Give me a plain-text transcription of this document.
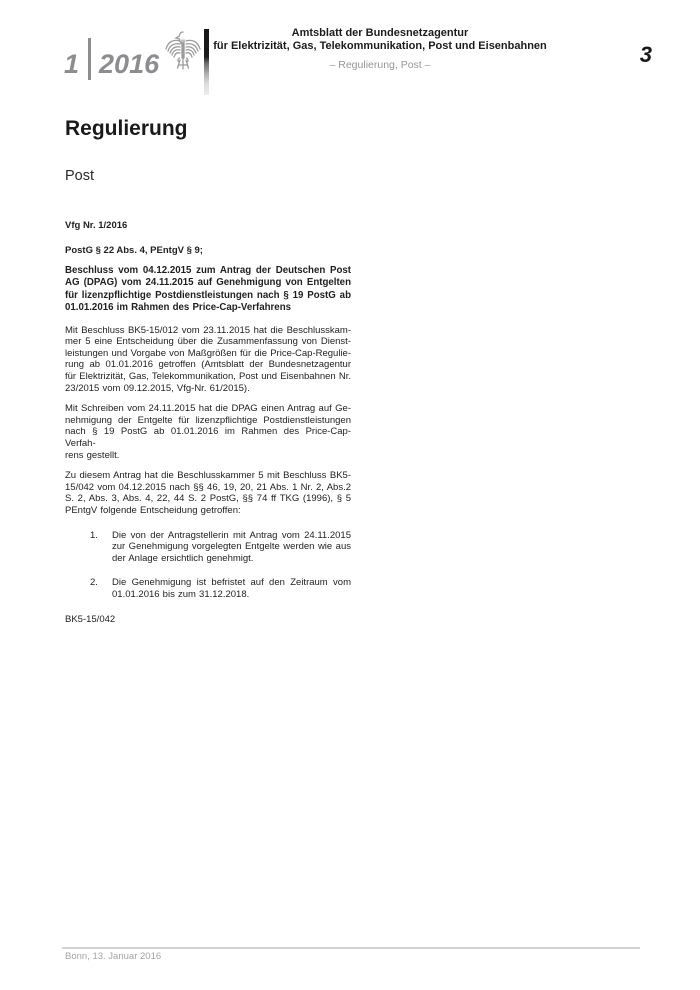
1 2016
Amtsblatt der Bundesnetzagentur
für Elektrizität, Gas, Telekommunikation, Post und Eisenbahnen
– Regulierung, Post –	3
Regulierung
Post
Vfg Nr. 1/2016
PostG § 22 Abs. 4, PEntgV § 9;
Beschluss vom 04.12.2015 zum Antrag der Deutschen Post
AG (DPAG) vom 24.11.2015 auf Genehmigung von Entgelten
für lizenzpflichtige Postdienstleistungen nach § 19 PostG ab
01.01.2016 im Rahmen des Price-Cap-Verfahrens
Mit Beschluss BK5-15/012 vom 23.11.2015 hat die Beschlusskam-
mer 5 eine Entscheidung über die Zusammenfassung von Dienst-
leistungen und Vorgabe von Maßgrößen für die Price-Cap-Regulie-
rung ab 01.01.2016 getroffen (Amtsblatt der Bundesnetzagentur
für Elektrizität, Gas, Telekommunikation, Post und Eisenbahnen Nr.
23/2015 vom 09.12.2015, Vfg-Nr. 61/2015).
Mit Schreiben vom 24.11.2015 hat die DPAG einen Antrag auf Ge-
nehmigung der Entgelte für lizenzpflichtige Postdienstleistungen
nach § 19 PostG ab 01.01.2016 im Rahmen des Price-Cap-Verfah-
rens gestellt.
Zu diesem Antrag hat die Beschlusskammer 5 mit Beschluss BK5-
15/042 vom 04.12.2015 nach §§ 46, 19, 20, 21 Abs. 1 Nr. 2, Abs.2
S. 2, Abs. 3, Abs. 4, 22, 44 S. 2 PostG, §§ 74 ff TKG (1996), § 5
PEntgV folgende Entscheidung getroffen:
1.	Die von der Antragstellerin mit Antrag vom 24.11.2015
zur Genehmigung vorgelegten Entgelte werden wie aus
der Anlage ersichtlich genehmigt.
2.	Die Genehmigung ist befristet auf den Zeitraum vom
01.01.2016 bis zum 31.12.2018.
BK5-15/042
Bonn, 13. Januar 2016
